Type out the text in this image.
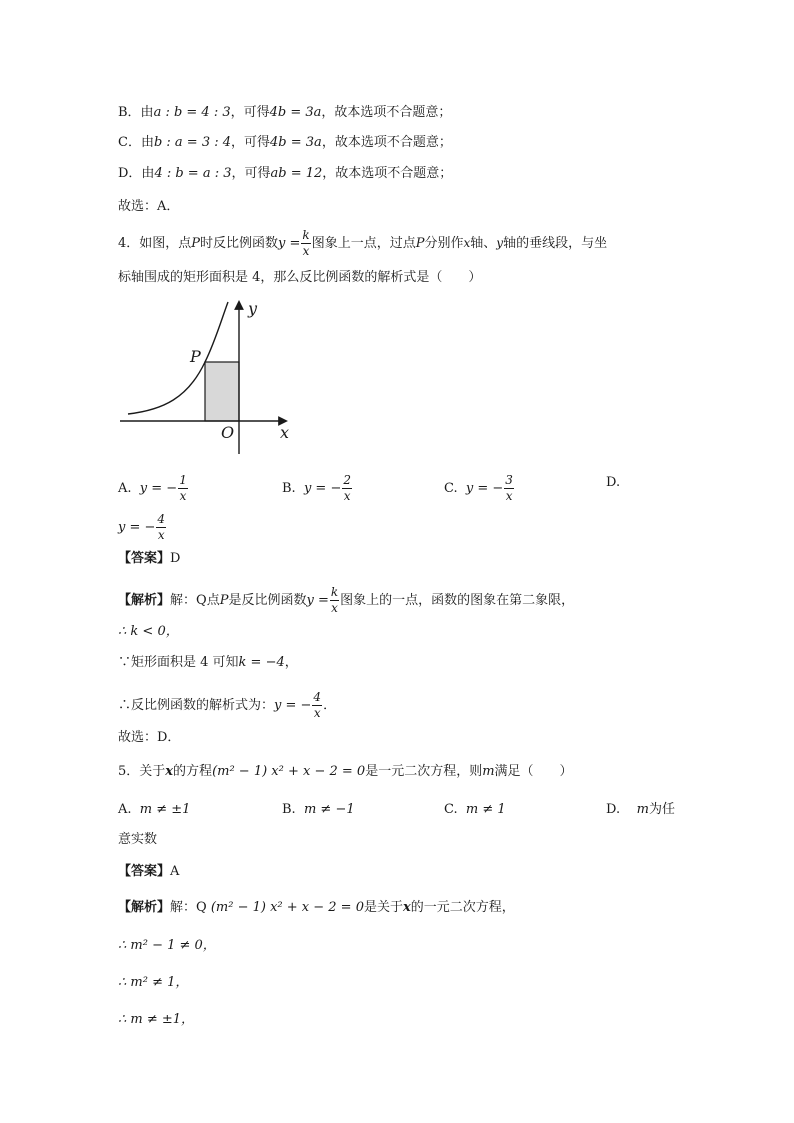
B．由a : b = 4 : 3，可得4b = 3a，故本选项不合题意；
C．由b : a = 3 : 4，可得4b = 3a，故本选项不合题意；
D．由4 : b = a : 3，可得ab = 12，故本选项不合题意；
故选：A．
4．如图，点P时反比例函数$y = \frac{k}{x}$ 图象上一点，过点P分别作x轴、y轴的垂线段，与坐
标轴围成的矩形面积是 4，那么反比例函数的解析式是（　　）
y
x
O
P
A. y = − $\frac{1}{x}$	B. y = − $\frac{2}{x}$	C. y = − $\frac{3}{x}$	D.
y = − $\frac{4}{x}$
【答案】D
【解析】解：Q点P是反比例函数$y = \frac{k}{x}$ 图象上的一点，函数的图象在第二象限，
∴ k < 0，
∵矩形面积是 4 可知k = −4，
∴反比例函数的解析式为：y = − $\frac{4}{x}$ ．
故选：D．
5．关于x的方程(m² − 1) x² + x − 2 = 0是一元二次方程，则m满足（　　）
A. m ≠ ±1	B. m ≠ −1	C. m ≠ 1	D. m为任
意实数
【答案】A
【解析】解：Q (m² − 1) x² + x − 2 = 0是关于x的一元二次方程，
∴ m² − 1 ≠ 0，
∴ m² ≠ 1，
∴ m ≠ ±1，
